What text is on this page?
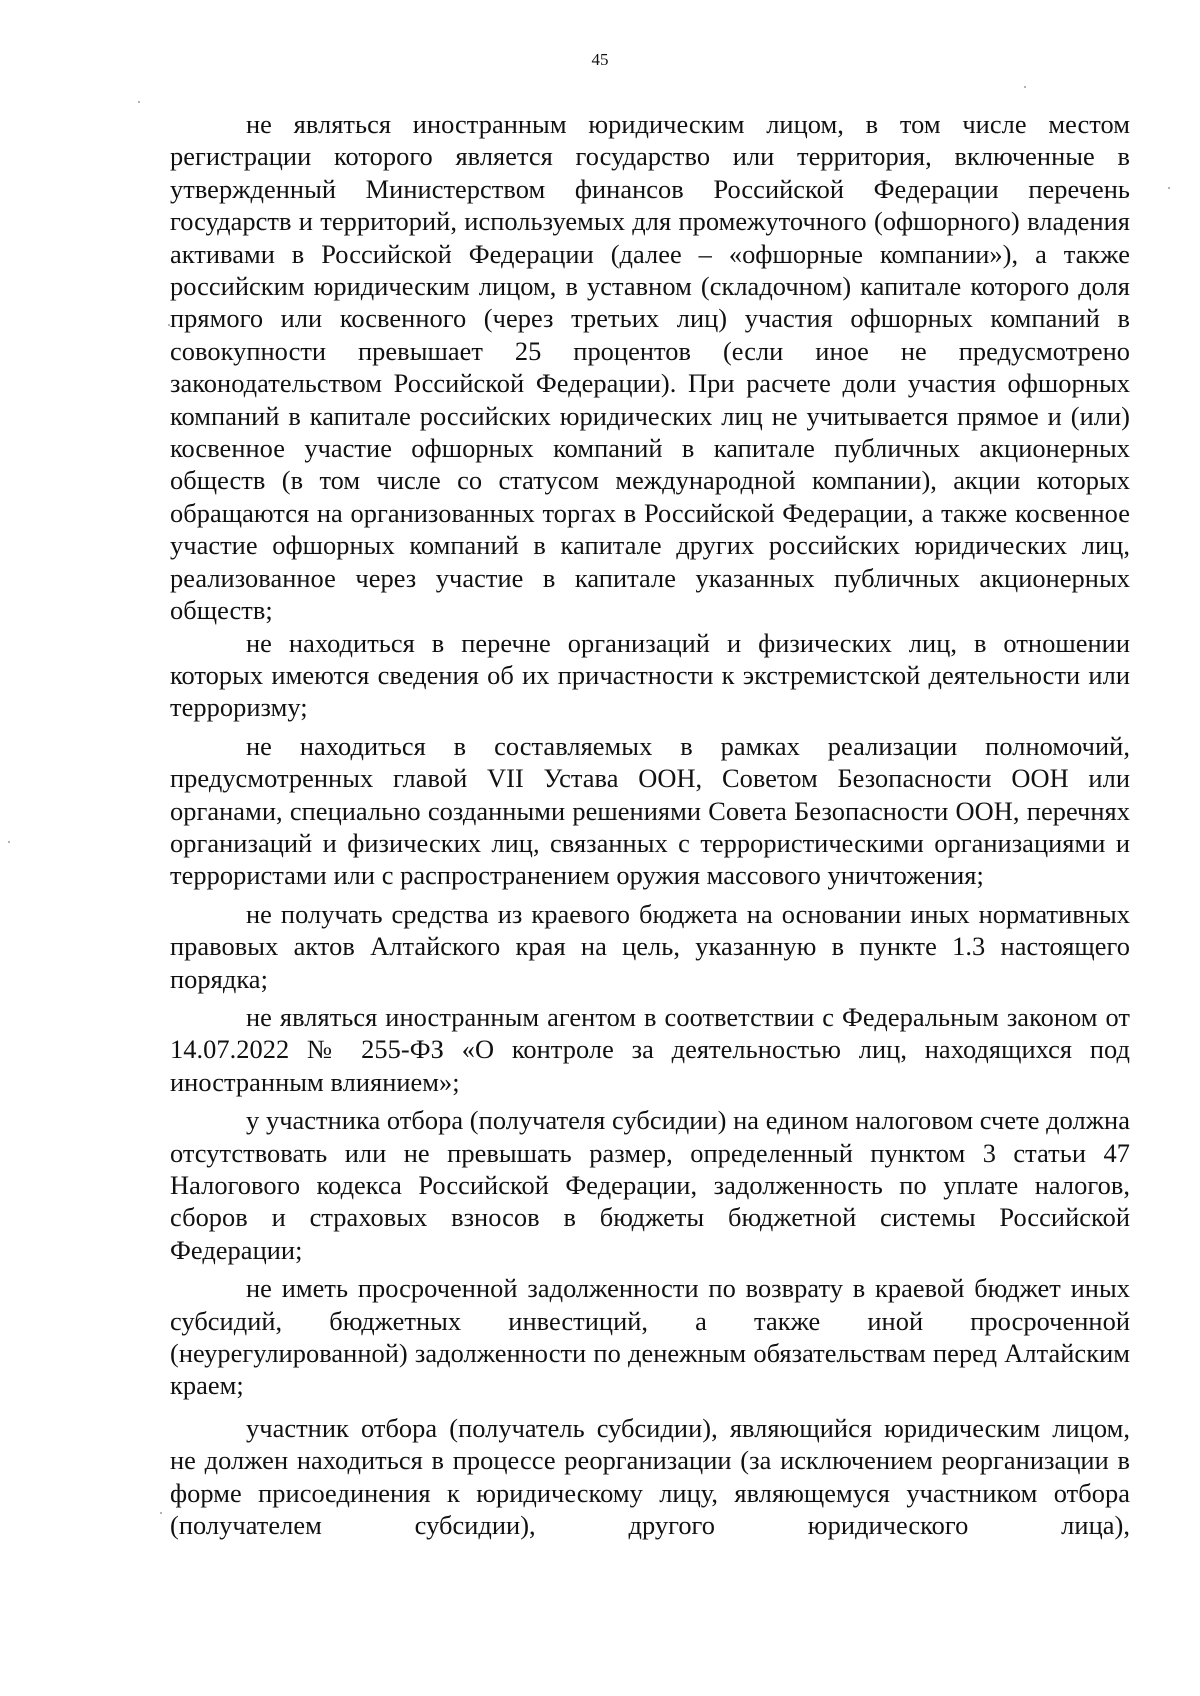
45

не являться иностранным юридическим лицом, в том числе местом регистрации которого является государство или территория, включенные в утвержденный Министерством финансов Российской Федерации перечень государств и территорий, используемых для промежуточного (офшорного) владения активами в Российской Федерации (далее – «офшорные компании»), а также российским юридическим лицом, в уставном (складочном) капитале которого доля прямого или косвенного (через третьих лиц) участия офшорных компаний в совокупности превышает 25 процентов (если иное не предусмотрено законодательством Российской Федерации). При расчете доли участия офшорных компаний в капитале российских юридических лиц не учитывается прямое и (или) косвенное участие офшорных компаний в капитале публичных акционерных обществ (в том числе со статусом международной компании), акции которых обращаются на организованных торгах в Российской Федерации, а также косвенное участие офшорных компаний в капитале других российских юридических лиц, реализованное через участие в капитале указанных публичных акционерных обществ;

не находиться в перечне организаций и физических лиц, в отношении которых имеются сведения об их причастности к экстремистской деятельности или терроризму;

не находиться в составляемых в рамках реализации полномочий, предусмотренных главой VII Устава ООН, Советом Безопасности ООН или органами, специально созданными решениями Совета Безопасности ООН, перечнях организаций и физических лиц, связанных с террористическими организациями и террористами или с распространением оружия массового уничтожения;

не получать средства из краевого бюджета на основании иных нормативных правовых актов Алтайского края на цель, указанную в пункте 1.3 настоящего порядка;

не являться иностранным агентом в соответствии с Федеральным законом от 14.07.2022 № 255-ФЗ «О контроле за деятельностью лиц, находящихся под иностранным влиянием»;

у участника отбора (получателя субсидии) на едином налоговом счете должна отсутствовать или не превышать размер, определенный пунктом 3 статьи 47 Налогового кодекса Российской Федерации, задолженность по уплате налогов, сборов и страховых взносов в бюджеты бюджетной системы Российской Федерации;

не иметь просроченной задолженности по возврату в краевой бюджет иных субсидий, бюджетных инвестиций, а также иной просроченной (неурегулированной) задолженности по денежным обязательствам перед Алтайским краем;

участник отбора (получатель субсидии), являющийся юридическим лицом, не должен находиться в процессе реорганизации (за исключением реорганизации в форме присоединения к юридическому лицу, являющемуся участником отбора (получателем субсидии), другого юридического лица),
